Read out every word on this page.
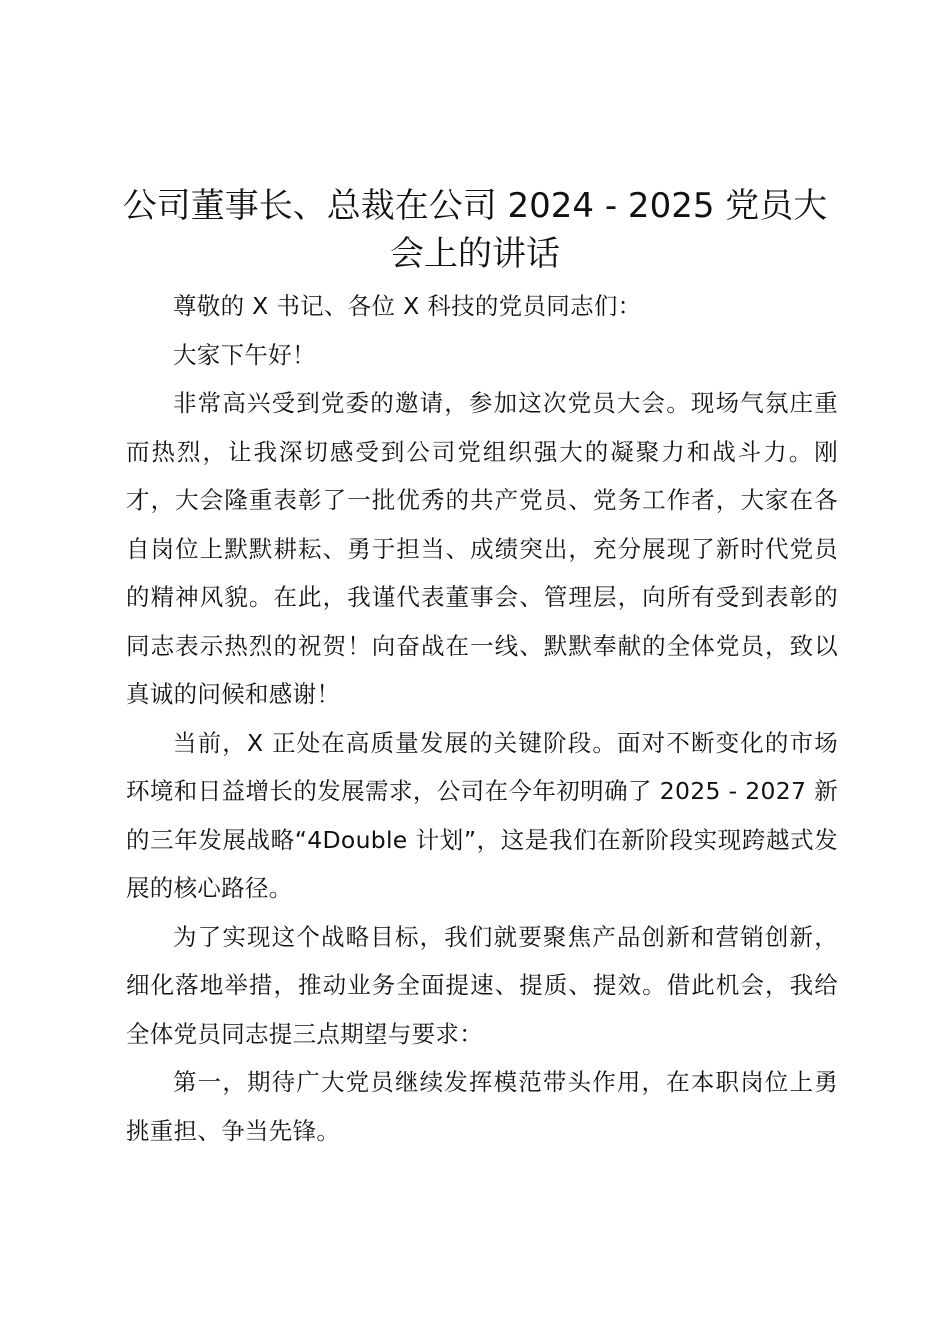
公司董事长、总裁在公司 2024 - 2025 党员大会上的讲话

尊敬的 X 书记、各位 X 科技的党员同志们：

大家下午好！

非常高兴受到党委的邀请，参加这次党员大会。现场气氛庄重而热烈，让我深切感受到公司党组织强大的凝聚力和战斗力。刚才，大会隆重表彰了一批优秀的共产党员、党务工作者，大家在各自岗位上默默耕耘、勇于担当、成绩突出，充分展现了新时代党员的精神风貌。在此，我谨代表董事会、管理层，向所有受到表彰的同志表示热烈的祝贺！向奋战在一线、默默奉献的全体党员，致以真诚的问候和感谢！

当前，X 正处在高质量发展的关键阶段。面对不断变化的市场环境和日益增长的发展需求，公司在今年初明确了 2025 - 2027 新的三年发展战略“4Double 计划”，这是我们在新阶段实现跨越式发展的核心路径。

为了实现这个战略目标，我们就要聚焦产品创新和营销创新，细化落地举措，推动业务全面提速、提质、提效。借此机会，我给全体党员同志提三点期望与要求：

第一，期待广大党员继续发挥模范带头作用，在本职岗位上勇挑重担、争当先锋。
